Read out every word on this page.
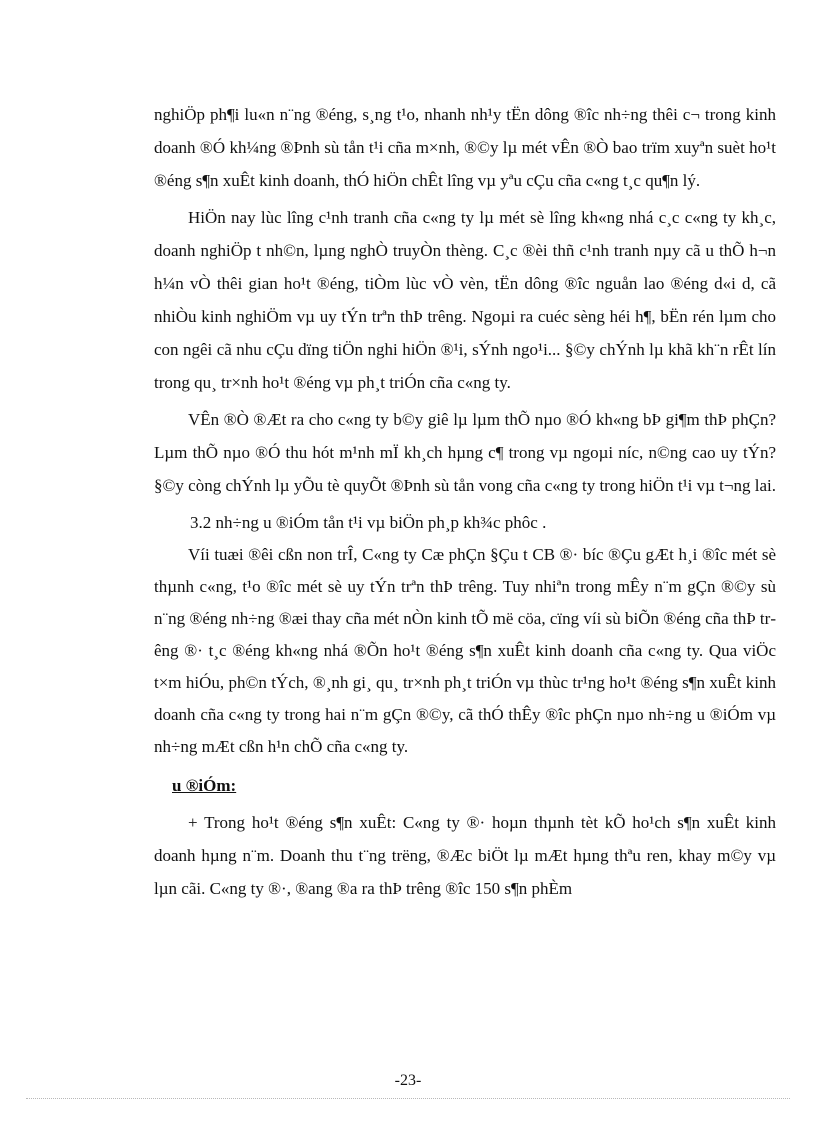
nghiÖp ph¶i lu«n n¨ng ®éng, s¸ng t¹o, nhanh nh¹y tËn dông ®îc nh÷ng thêi c¬ trong kinh doanh ®Ó kh¼ng ®Þnh sù tån t¹i cña m×nh, ®©y lµ mét vÊn ®Ò bao trïm xuyªn suèt ho¹t ®éng s¶n xuÊt kinh doanh, thÓ hiÖn chÊt lîng vµ yªu cÇu cña c«ng t¸c qu¶n lý.

HiÖn nay lùc lîng c¹nh tranh cña c«ng ty lµ mét sè lîng kh«ng nhá c¸c c«ng ty kh¸c, doanh nghiÖp t nh©n, lµng nghÒ truyÒn thèng. C¸c ®èi thñ c¹nh tranh nµy cã u thÕ h¬n h¼n vÒ thêi gian ho¹t ®éng, tiÒm lùc vÒ vèn, tËn dông ®îc nguån lao ®éng d«i d, cã nhiÒu kinh nghiÖm vµ uy tÝn trªn thÞ trêng. Ngoµi ra cuéc sèng héi h¶, bËn rén lµm cho con ngêi cã nhu cÇu dïng tiÖn nghi hiÖn ®¹i, sÝnh ngo¹i... §©y chÝnh lµ khã kh¨n rÊt lín trong qu¸ tr×nh ho¹t ®éng vµ ph¸t triÓn cña c«ng ty.

VÊn ®Ò ®Æt ra cho c«ng ty b©y giê lµ lµm thÕ nµo ®Ó kh«ng bÞ gi¶m thÞ phÇn? Lµm thÕ nµo ®Ó thu hót m¹nh mÏ kh¸ch hµng c¶ trong vµ ngoµi níc, n©ng cao uy tÝn? §©y còng chÝnh lµ yÕu tè quyÕt ®Þnh sù tån vong cña c«ng ty trong hiÖn t¹i vµ t¬ng lai.

3.2 nh÷ng u ®iÓm tån t¹i vµ biÖn ph¸p kh¾c phôc .

Víi tuæi ®êi cßn non trÎ, C«ng ty Cæ phÇn §Çu t CB ®· bíc ®Çu gÆt h¸i ®îc mét sè thµnh c«ng, t¹o ®îc mét sè uy tÝn trªn thÞ trêng. Tuy nhiªn trong mÊy n¨m gÇn ®©y sù n¨ng ®éng nh÷ng ®æi thay cña mét nÒn kinh tÕ më cöa, cïng víi sù biÕn ®éng cña thÞ trêng ®· t¸c ®éng kh«ng nhá ®Õn ho¹t ®éng s¶n xuÊt kinh doanh cña c«ng ty. Qua viÖc t×m hiÓu, ph©n tÝch, ®¸nh gi¸ qu¸ tr×nh ph¸t triÓn vµ thùc tr¹ng ho¹t ®éng s¶n xuÊt kinh doanh cña c«ng ty trong hai n¨m gÇn ®©y, cã thÓ thÊy ®îc phÇn nµo nh÷ng u ®iÓm vµ nh÷ng mÆt cßn h¹n chÕ cña c«ng ty.

u ®iÓm:

+ Trong ho¹t ®éng s¶n xuÊt: C«ng ty ®· hoµn thµnh tèt kÕ ho¹ch s¶n xuÊt kinh doanh hµng n¨m. Doanh thu t¨ng trëng, ®Æc biÖt lµ mÆt hµng thªu ren, khay m©y vµ lµn cãi. C«ng ty ®·, ®ang ®a ra thÞ trêng ®îc 150 s¶n phÈm

-23-
